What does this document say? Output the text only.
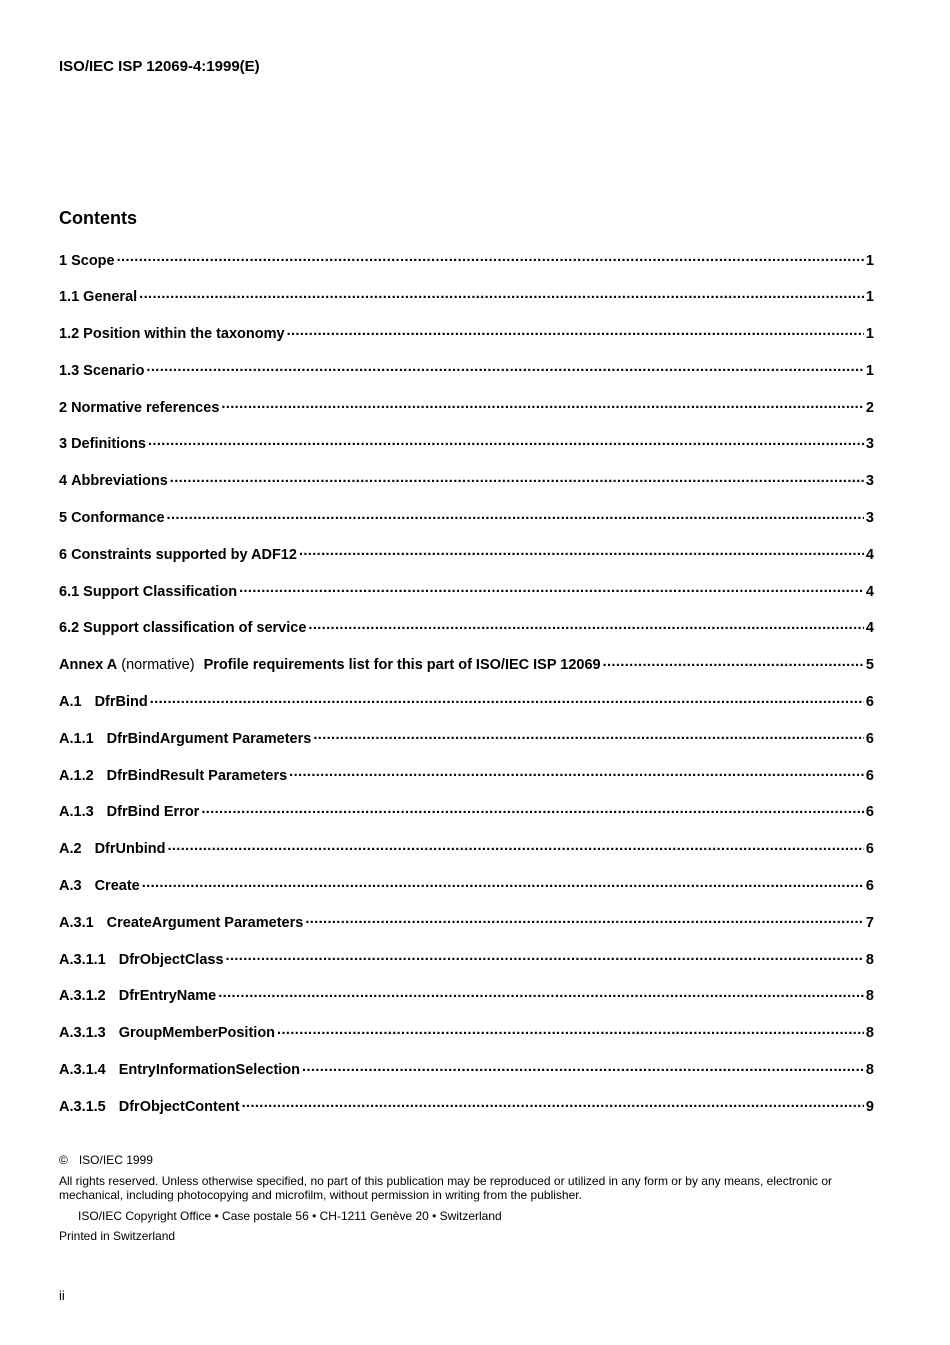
ISO/IEC ISP 12069-4:1999(E)
Contents
1 Scope .....	1
1.1 General .....	1
1.2 Position within the taxonomy .....	1
1.3 Scenario .....	1
2 Normative references .....	2
3 Definitions .....	3
4 Abbreviations .....	3
5 Conformance .....	3
6 Constraints supported by ADF12 .....	4
6.1 Support Classification .....	4
6.2 Support classification of service .....	4
Annex A (normative) Profile requirements list for this part of ISO/IEC ISP 12069 .....	5
A.1 DfrBind .....	6
A.1.1 DfrBindArgument Parameters .....	6
A.1.2 DfrBindResult Parameters .....	6
A.1.3 DfrBind Error .....	6
A.2 DfrUnbind .....	6
A.3 Create .....	6
A.3.1 CreateArgument Parameters .....	7
A.3.1.1 DfrObjectClass .....	8
A.3.1.2 DfrEntryName .....	8
A.3.1.3 GroupMemberPosition .....	8
A.3.1.4 EntryInformationSelection .....	8
A.3.1.5 DfrObjectContent .....	9

© ISO/IEC 1999

All rights reserved. Unless otherwise specified, no part of this publication may be reproduced or utilized in any form or by any means, electronic or mechanical, including photocopying and microfilm, without permission in writing from the publisher.

ISO/IEC Copyright Office • Case postale 56 • CH-1211 Genève 20 • Switzerland

Printed in Switzerland

ii
